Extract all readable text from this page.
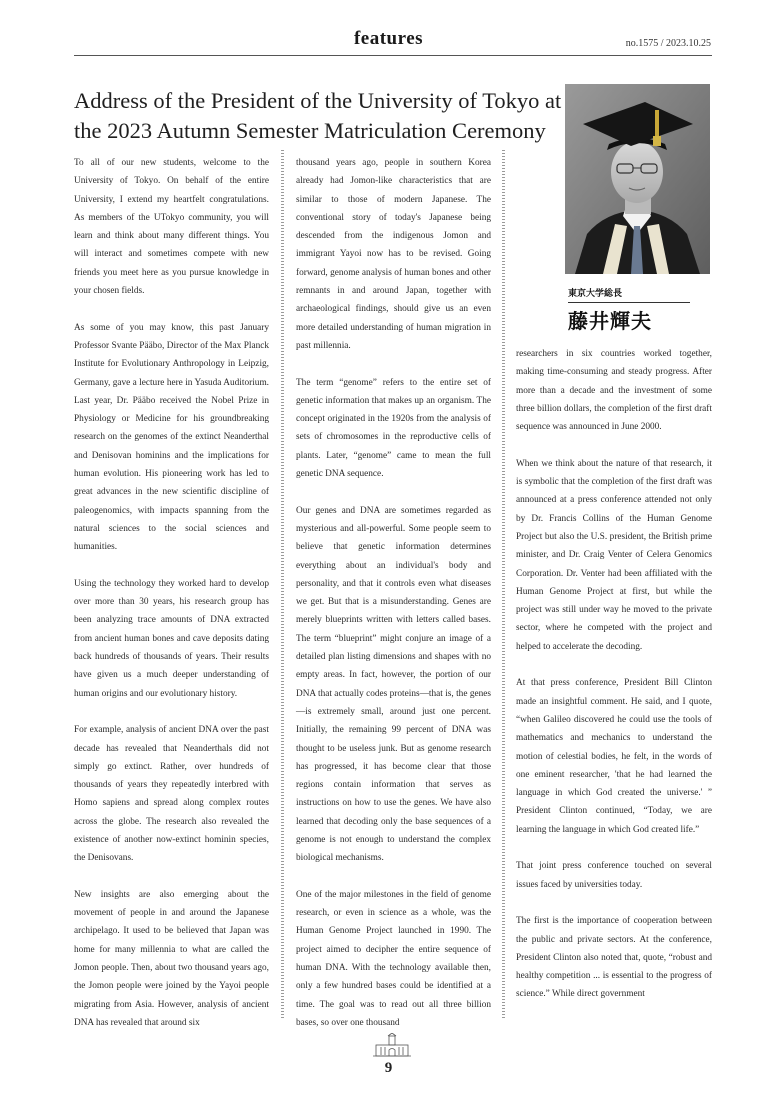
features	no.1575 / 2023.10.25
Address of the President of the University of Tokyo at the 2023 Autumn Semester Matriculation Ceremony
東京大学総長
藤井輝夫

To all of our new students, welcome to the University of Tokyo. On behalf of the entire University, I extend my heartfelt congratulations. As members of the UTokyo community, you will learn and think about many different things. You will interact and sometimes compete with new friends you meet here as you pursue knowledge in your chosen fields.

As some of you may know, this past January Professor Svante Pääbo, Director of the Max Planck Institute for Evolutionary Anthropology in Leipzig, Germany, gave a lecture here in Yasuda Auditorium. Last year, Dr. Pääbo received the Nobel Prize in Physiology or Medicine for his groundbreaking research on the genomes of the extinct Neanderthal and Denisovan hominins and the implications for human evolution. His pioneering work has led to great advances in the new scientific discipline of paleogenomics, with impacts spanning from the natural sciences to the social sciences and humanities.

Using the technology they worked hard to develop over more than 30 years, his research group has been analyzing trace amounts of DNA extracted from ancient human bones and cave deposits dating back hundreds of thousands of years. Their results have given us a much deeper understanding of human origins and our evolutionary history.

For example, analysis of ancient DNA over the past decade has revealed that Neanderthals did not simply go extinct. Rather, over hundreds of thousands of years they repeatedly interbred with Homo sapiens and spread along complex routes across the globe. The research also revealed the existence of another now-extinct hominin species, the Denisovans.

New insights are also emerging about the movement of people in and around the Japanese archipelago. It used to be believed that Japan was home for many millennia to what are called the Jomon people. Then, about two thousand years ago, the Jomon people were joined by the Yayoi people migrating from Asia. However, analysis of ancient DNA has revealed that around six

thousand years ago, people in southern Korea already had Jomon-like characteristics that are similar to those of modern Japanese. The conventional story of today's Japanese being descended from the indigenous Jomon and immigrant Yayoi now has to be revised. Going forward, genome analysis of human bones and other remnants in and around Japan, together with archaeological findings, should give us an even more detailed understanding of human migration in past millennia.

The term “genome” refers to the entire set of genetic information that makes up an organism. The concept originated in the 1920s from the analysis of sets of chromosomes in the reproductive cells of plants. Later, “genome” came to mean the full genetic DNA sequence.

Our genes and DNA are sometimes regarded as mysterious and all-powerful. Some people seem to believe that genetic information determines everything about an individual's body and personality, and that it controls even what diseases we get. But that is a misunderstanding. Genes are merely blueprints written with letters called bases. The term “blueprint” might conjure an image of a detailed plan listing dimensions and shapes with no empty areas. In fact, however, the portion of our DNA that actually codes proteins—that is, the genes—is extremely small, around just one percent. Initially, the remaining 99 percent of DNA was thought to be useless junk. But as genome research has progressed, it has become clear that those regions contain information that serves as instructions on how to use the genes. We have also learned that decoding only the base sequences of a genome is not enough to understand the complex biological mechanisms.

One of the major milestones in the field of genome research, or even in science as a whole, was the Human Genome Project launched in 1990. The project aimed to decipher the entire sequence of human DNA. With the technology available then, only a few hundred bases could be identified at a time. The goal was to read out all three billion bases, so over one thousand

researchers in six countries worked together, making time-consuming and steady progress. After more than a decade and the investment of some three billion dollars, the completion of the first draft sequence was announced in June 2000.

When we think about the nature of that research, it is symbolic that the completion of the first draft was announced at a press conference attended not only by Dr. Francis Collins of the Human Genome Project but also the U.S. president, the British prime minister, and Dr. Craig Venter of Celera Genomics Corporation. Dr. Venter had been affiliated with the Human Genome Project at first, but while the project was still under way he moved to the private sector, where he competed with the project and helped to accelerate the decoding.

At that press conference, President Bill Clinton made an insightful comment. He said, and I quote, “when Galileo discovered he could use the tools of mathematics and mechanics to understand the motion of celestial bodies, he felt, in the words of one eminent researcher, 'that he had learned the language in which God created the universe.' ” President Clinton continued, “Today, we are learning the language in which God created life.”

That joint press conference touched on several issues faced by universities today.

The first is the importance of cooperation between the public and private sectors. At the conference, President Clinton also noted that, quote, “robust and healthy competition ... is essential to the progress of science.” While direct government

9
